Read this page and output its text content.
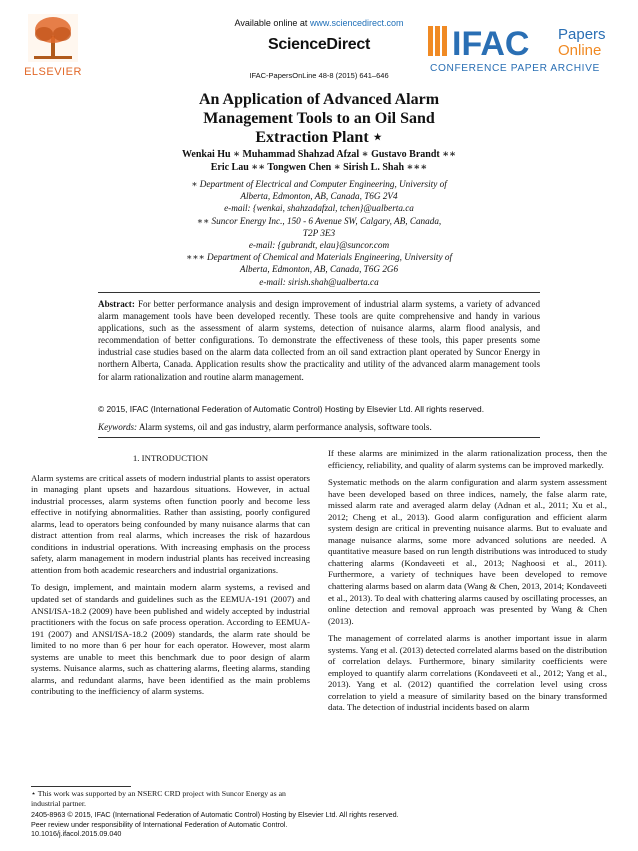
ELSEVIER
Available online at www.sciencedirect.com
ScienceDirect	IFAC Papers
Online
CONFERENCE PAPER ARCHIVE
IFAC-PapersOnLine 48-8 (2015) 641–646
An Application of Advanced Alarm
Management Tools to an Oil Sand
Extraction Plant ⋆
Wenkai Hu ∗ Muhammad Shahzad Afzal ∗ Gustavo Brandt ∗∗
Eric Lau ∗∗ Tongwen Chen ∗ Sirish L. Shah ∗∗∗
∗ Department of Electrical and Computer Engineering, University of
Alberta, Edmonton, AB, Canada, T6G 2V4
e-mail: {wenkai, shahzadafzal, tchen}@ualberta.ca
∗∗ Suncor Energy Inc., 150 - 6 Avenue SW, Calgary, AB, Canada,
T2P 3E3
e-mail: {gubrandt, elau}@suncor.com
∗∗∗ Department of Chemical and Materials Engineering, University of
Alberta, Edmonton, AB, Canada, T6G 2G6
e-mail: sirish.shah@ualberta.ca
Abstract: For better performance analysis and design improvement of industrial alarm systems, a variety of advanced alarm management tools have been developed recently. These tools are quite comprehensive and handy in various applications, such as the assessment of alarm systems, detection of nuisance alarms, alarm flood analysis, and recommendation of better configurations. To demonstrate the effectiveness of these tools, this paper presents some industrial case studies based on the alarm data collected from an oil sand extraction plant operated by Suncor Energy in northern Alberta, Canada. Application results show the practicality and utility of the advanced alarm management tools for alarm rationalization and routine alarm management.
© 2015, IFAC (International Federation of Automatic Control) Hosting by Elsevier Ltd. All rights reserved.
Keywords: Alarm systems, oil and gas industry, alarm performance analysis, software tools.

1. INTRODUCTION

Alarm systems are critical assets of modern industrial plants to assist operators in managing plant upsets and hazardous situations. However, in actual industrial processes, alarm systems often function poorly and become less effective in notifying abnormalities. Rather than assisting, poorly configured alarms, lead to operators being confounded by many nuisance alarms that can distract attention from real alarms, which increases the risk of hazardous conditions in industrial operations. With increasing emphasis on the process safety, alarm management in modern industrial plants has received increasing attention from both academic researchers and industrial organizations.

To design, implement, and maintain modern alarm systems, a revised and updated set of standards and guidelines such as the EEMUA-191 (2007) and ANSI/ISA-18.2 (2009) have been published and widely accepted by industrial practitioners with the focus on safe process operation. According to EEMUA-191 (2007) and ANSI/ISA-18.2 (2009) standards, the alarm rate should be limited to no more than 6 per hour for each operator. However, most alarm systems are unable to meet this benchmark due to poor design of alarm systems. Nuisance alarms, such as chattering alarms, fleeting alarms, standing alarms, and redundant alarms, have been identified as the main problems contributing to the inefficiency of alarm systems.

If these alarms are minimized in the alarm rationalization process, then the efficiency, reliability, and quality of alarm systems can be improved markedly.

Systematic methods on the alarm configuration and alarm system assessment have been developed based on three indices, namely, the false alarm rate, missed alarm rate and averaged alarm delay (Adnan et al., 2011; Xu et al., 2012; Cheng et al., 2013). Good alarm configuration and efficient alarm system design are critical in preventing nuisance alarms. But to evaluate and manage nuisance alarms, some more advanced solutions are needed. A quantitative measure based on run length distributions was introduced to study chattering alarms (Kondaveeti et al., 2013; Naghoosi et al., 2011). Furthermore, a variety of techniques have been developed to remove chattering alarms based on alarm data (Wang & Chen, 2013, 2014; Kondaveeti et al., 2013). To deal with chattering alarms caused by oscillating processes, an online detection and removal approach was presented by Wang & Chen (2013).

The management of correlated alarms is another important issue in alarm systems. Yang et al. (2013) detected correlated alarms based on the distribution of correlation delays. Furthermore, binary similarity coefficients were employed to quantify alarm correlations (Kondaveeti et al., 2012; Yang et al., 2013). Yang et al. (2012) quantified the correlation level using cross correlation to yield a measure of similarity based on the binary transformed data. The detection of industrial incidents based on alarm

⋆ This work was supported by an NSERC CRD project with Suncor Energy as an industrial partner.
2405-8963 © 2015, IFAC (International Federation of Automatic Control) Hosting by Elsevier Ltd. All rights reserved.
Peer review under responsibility of International Federation of Automatic Control.
10.1016/j.ifacol.2015.09.040
